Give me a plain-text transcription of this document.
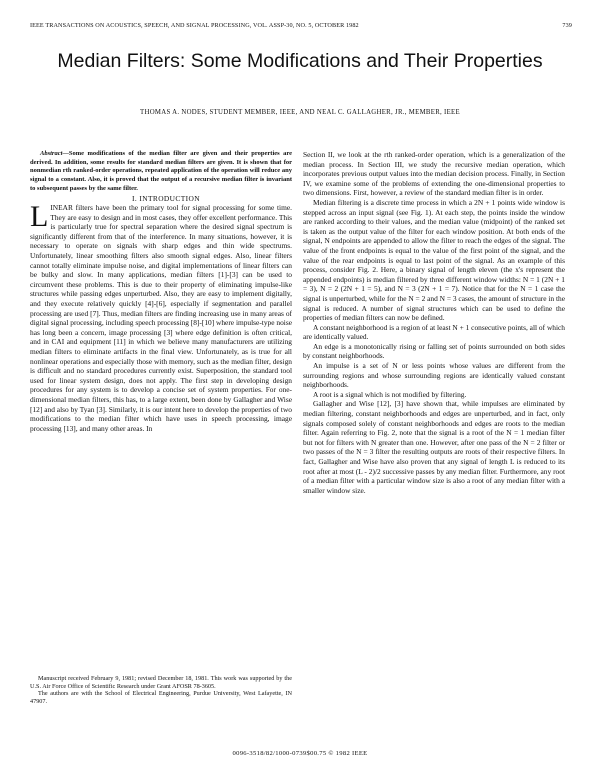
IEEE TRANSACTIONS ON ACOUSTICS, SPEECH, AND SIGNAL PROCESSING, VOL. ASSP-30, NO. 5, OCTOBER 1982	739
Median Filters: Some Modifications and Their Properties
THOMAS A. NODES, STUDENT MEMBER, IEEE, AND NEAL C. GALLAGHER, JR., MEMBER, IEEE

Abstract—Some modifications of the median filter are given and their properties are derived. In addition, some results for standard median filters are given. It is shown that for nonmedian rth ranked-order operations, repeated application of the operation will reduce any signal to a constant. Also, it is proved that the output of a recursive median filter is invariant to subsequent passes by the same filter.

I. INTRODUCTION

LINEAR filters have been the primary tool for signal processing for some time. They are easy to design and in most cases, they offer excellent performance. This is particularly true for spectral separation where the desired signal spectrum is significantly different from that of the interference. In many situations, however, it is necessary to operate on signals with sharp edges and thin wide spectrums. Unfortunately, linear smoothing filters also smooth signal edges. Also, linear filters cannot totally eliminate impulse noise, and digital implementations of linear filters can be bulky and slow. In many applications, median filters [1]-[3] can be used to circumvent these problems. This is due to their property of eliminating impulse-like structures while passing edges unperturbed. Also, they are easy to implement digitally, and they execute relatively quickly [4]-[6], especially if segmentation and parallel processing are used [7]. Thus, median filters are finding increasing use in many areas of digital signal processing, including speech processing [8]-[10] where impulse-type noise has long been a concern, image processing [3] where edge definition is often critical, and in CAI and equipment [11] in which we believe many manufacturers are utilizing median filters to eliminate artifacts in the final view. Unfortunately, as is true for all nonlinear operations and especially those with memory, such as the median filter, design is difficult and no standard procedures currently exist. Superposition, the standard tool used for linear system design, does not apply. The first step in developing design procedures for any system is to develop a concise set of system properties. For one-dimensional median filters, this has, to a large extent, been done by Gallagher and Wise [12] and also by Tyan [3]. Similarly, it is our intent here to develop the properties of two modifications to the median filter which have uses in speech processing, image processing [13], and many other areas. In

Manuscript received February 9, 1981; revised December 18, 1981. This work was supported by the U.S. Air Force Office of Scientific Research under Grant AFOSR 78-3605.

The authors are with the School of Electrical Engineering, Purdue University, West Lafayette, IN 47907.

Section II, we look at the rth ranked-order operation, which is a generalization of the median process. In Section III, we study the recursive median operation, which incorporates previous output values into the median decision process. Finally, in Section IV, we examine some of the problems of extending the one-dimensional properties to two dimensions. First, however, a review of the standard median filter is in order.

Median filtering is a discrete time process in which a 2N + 1 points wide window is stepped across an input signal (see Fig. 1). At each step, the points inside the window are ranked according to their values, and the median value (midpoint) of the ranked set is taken as the output value of the filter for each window position. At both ends of the signal, N endpoints are appended to allow the filter to reach the edges of the signal. The value of the front endpoints is equal to the value of the first point of the signal, and the value of the rear endpoints is equal to last point of the signal. As an example of this process, consider Fig. 2. Here, a binary signal of length eleven (the x's represent the appended endpoints) is median filtered by three different window widths: N = 1 (2N + 1 = 3), N = 2 (2N + 1 = 5), and N = 3 (2N + 1 = 7). Notice that for the N = 1 case the signal is unperturbed, while for the N = 2 and N = 3 cases, the amount of structure in the signal is reduced. A number of signal structures which can be used to define the properties of median filters can now be defined.

A constant neighborhood is a region of at least N + 1 consecutive points, all of which are identically valued.

An edge is a monotonically rising or falling set of points surrounded on both sides by constant neighborhoods.

An impulse is a set of N or less points whose values are different from the surrounding regions and whose surrounding regions are identically valued constant neighborhoods.

A root is a signal which is not modified by filtering.

Gallagher and Wise [12], [3] have shown that, while impulses are eliminated by median filtering, constant neighborhoods and edges are unperturbed, and in fact, only signals composed solely of constant neighborhoods and edges are roots to the median filter. Again referring to Fig. 2, note that the signal is a root of the N = 1 median filter but not for filters with N greater than one. However, after one pass of the N = 2 filter or two passes of the N = 3 filter the resulting outputs are roots of their respective filters. In fact, Gallagher and Wise have also proven that any signal of length L is reduced to its root after at most (L - 2)/2 successive passes by any median filter. Furthermore, any root of a median filter with a particular window size is also a root of any median filter with a smaller window size.

0096-3518/82/1000-0739$00.75 © 1982 IEEE
